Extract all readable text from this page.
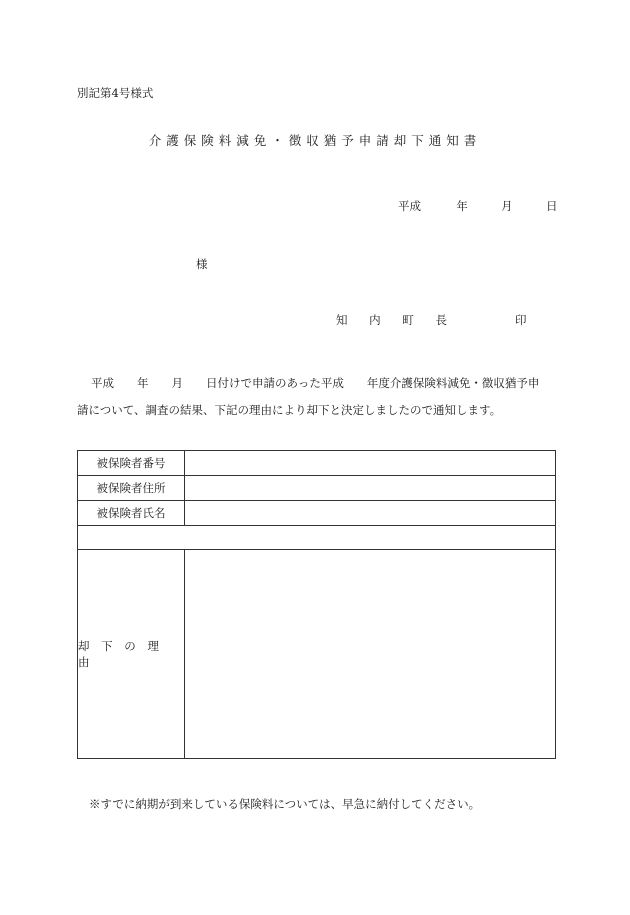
別記第4号様式
介護保険料減免・徴収猶予申請却下通知書
平成	年	月	日
様
知 内 町 長	印
平成　　年　　月　　日付けで申請のあった平成　　年度介護保険料減免・徴収猶予申
請について、調査の結果、下記の理由により却下と決定しましたので通知します。
被保険者番号
被保険者住所
被保険者氏名
却 下 の 理 由
※すでに納期が到来している保険料については、早急に納付してください。
